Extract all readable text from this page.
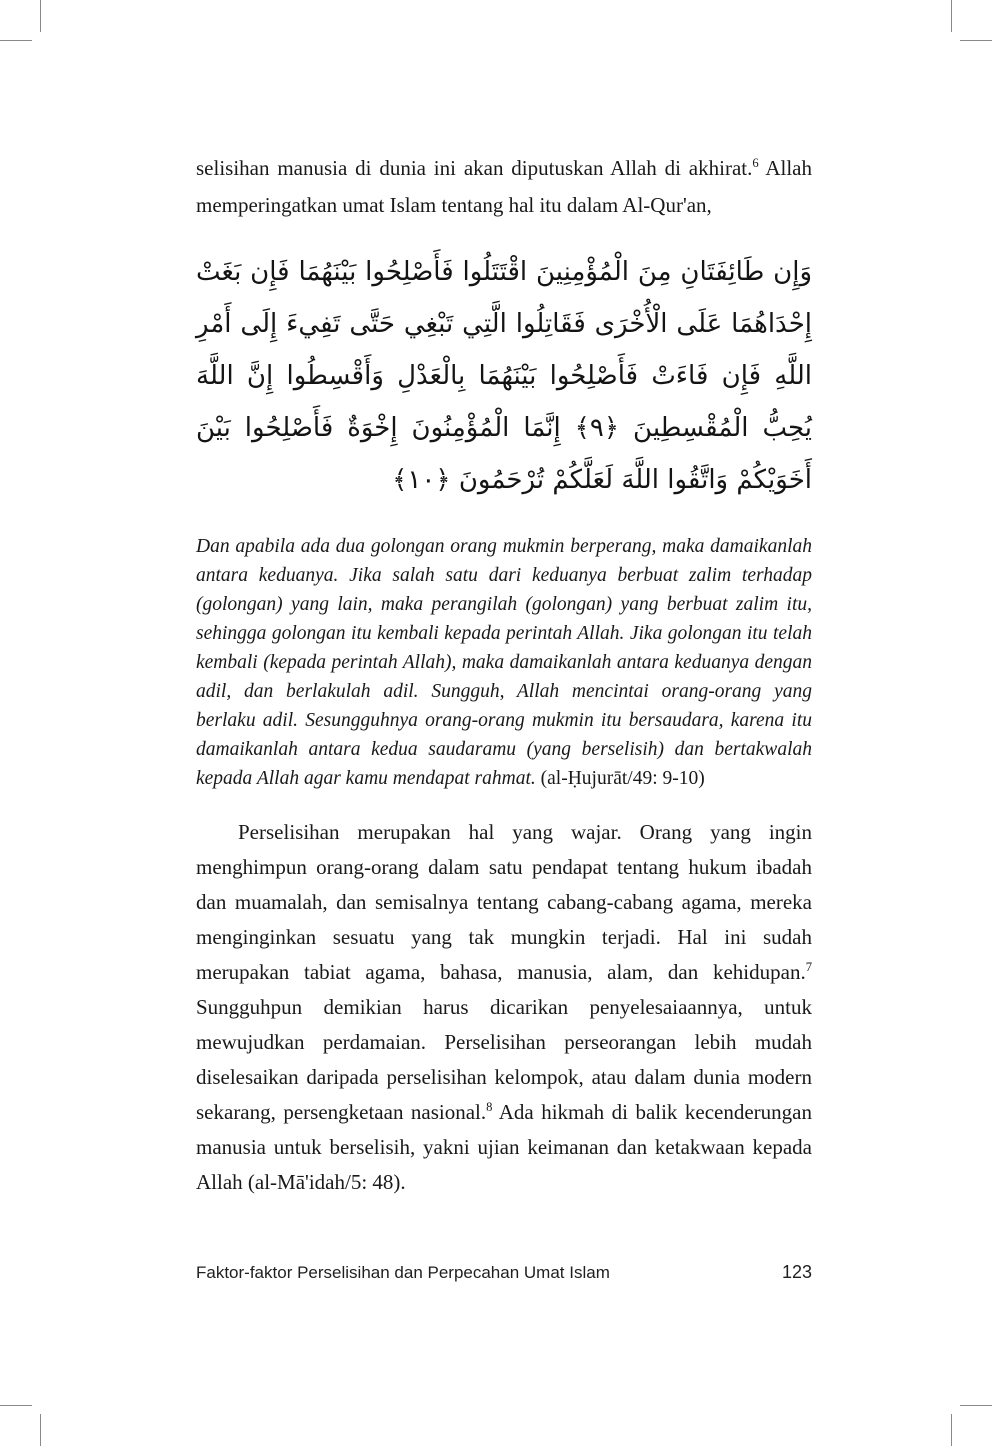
selisihan manusia di dunia ini akan diputuskan Allah di akhirat.$^6$ Allah memperingatkan umat Islam tentang hal itu dalam Al-Qur'an,

وَإِن طَائِفَتَانِ مِنَ الْمُؤْمِنِينَ اقْتَتَلُوا فَأَصْلِحُوا بَيْنَهُمَا فَإِن بَغَتْ إِحْدَاهُمَا عَلَى الْأُخْرَى فَقَاتِلُوا الَّتِي تَبْغِي حَتَّى تَفِيءَ إِلَى أَمْرِ اللَّهِ فَإِن فَاءَتْ فَأَصْلِحُوا بَيْنَهُمَا بِالْعَدْلِ وَأَقْسِطُوا إِنَّ اللَّهَ يُحِبُّ الْمُقْسِطِينَ ﴿٩﴾ إِنَّمَا الْمُؤْمِنُونَ إِخْوَةٌ فَأَصْلِحُوا بَيْنَ أَخَوَيْكُمْ وَاتَّقُوا اللَّهَ لَعَلَّكُمْ تُرْحَمُونَ ﴿١٠﴾

Dan apabila ada dua golongan orang mukmin berperang, maka damaikanlah antara keduanya. Jika salah satu dari keduanya berbuat zalim terhadap (golongan) yang lain, maka perangilah (golongan) yang berbuat zalim itu, sehingga golongan itu kembali kepada perintah Allah. Jika golongan itu telah kembali (kepada perintah Allah), maka damaikanlah antara keduanya dengan adil, dan berlakulah adil. Sungguh, Allah mencintai orang-orang yang berlaku adil. Sesungguhnya orang-orang mukmin itu bersaudara, karena itu damaikanlah antara kedua saudaramu (yang berselisih) dan bertakwalah kepada Allah agar kamu mendapat rahmat. (al-Ḥujurāt/49: 9-10)

Perselisihan merupakan hal yang wajar. Orang yang ingin menghimpun orang-orang dalam satu pendapat tentang hukum ibadah dan muamalah, dan semisalnya tentang cabang-cabang agama, mereka menginginkan sesuatu yang tak mungkin terjadi. Hal ini sudah merupakan tabiat agama, bahasa, manusia, alam, dan kehidupan.$^7$ Sungguhpun demikian harus dicarikan penyelesaiaannya, untuk mewujudkan perdamaian. Perselisihan perseorangan lebih mudah diselesaikan daripada perselisihan kelompok, atau dalam dunia modern sekarang, persengketaan nasional.$^8$ Ada hikmah di balik kecenderungan manusia untuk berselisih, yakni ujian keimanan dan ketakwaan kepada Allah (al-Mā'idah/5: 48).

Faktor-faktor Perselisihan dan Perpecahan Umat Islam	123
